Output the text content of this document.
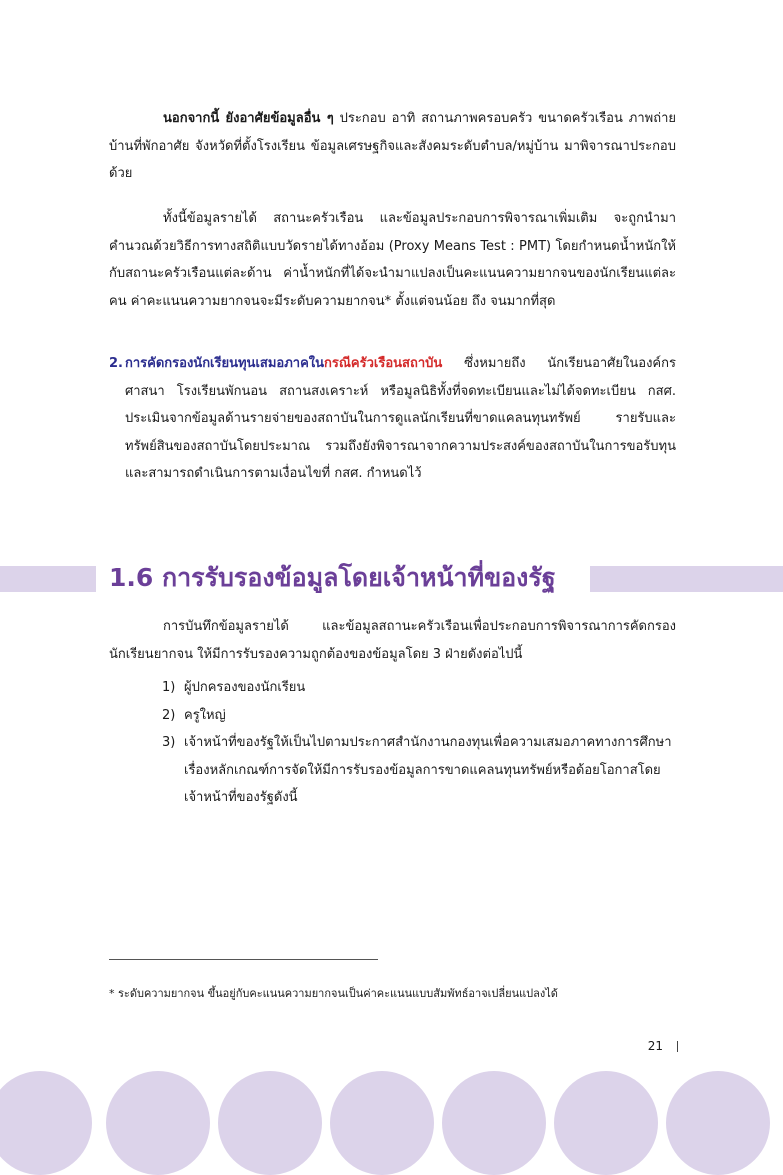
นอกจากนี้ ยังอาศัยข้อมูลอื่น ๆ ประกอบ อาทิ สถานภาพครอบครัว ขนาดครัวเรือน ภาพถ่ายบ้านที่พักอาศัย จังหวัดที่ตั้งโรงเรียน ข้อมูลเศรษฐกิจและสังคมระดับตำบล/หมู่บ้าน มาพิจารณาประกอบด้วย
ทั้งนี้ข้อมูลรายได้ สถานะครัวเรือน และข้อมูลประกอบการพิจารณาเพิ่มเติม จะถูกนำมาคำนวณด้วยวิธีการทางสถิติแบบวัดรายได้ทางอ้อม (Proxy Means Test : PMT) โดยกำหนดน้ำหนักให้กับสถานะครัวเรือนแต่ละด้าน ค่าน้ำหนักที่ได้จะนำมาแปลงเป็นคะแนนความยากจนของนักเรียนแต่ละคน ค่าคะแนนความยากจนจะมีระดับความยากจน* ตั้งแต่จนน้อย ถึง จนมากที่สุด
2. การคัดกรองนักเรียนทุนเสมอภาคในกรณีครัวเรือนสถาบัน ซึ่งหมายถึง นักเรียนอาศัยในองค์กรศาสนา โรงเรียนพักนอน สถานสงเคราะห์ หรือมูลนิธิทั้งที่จดทะเบียนและไม่ได้จดทะเบียน กสศ. ประเมินจากข้อมูลด้านรายจ่ายของสถาบันในการดูแลนักเรียนที่ขาดแคลนทุนทรัพย์ รายรับและทรัพย์สินของสถาบันโดยประมาณ รวมถึงยังพิจารณาจากความประสงค์ของสถาบันในการขอรับทุน และสามารถดำเนินการตามเงื่อนไขที่ กสศ. กำหนดไว้
1.6 การรับรองข้อมูลโดยเจ้าหน้าที่ของรัฐ
การบันทึกข้อมูลรายได้ และข้อมูลสถานะครัวเรือนเพื่อประกอบการพิจารณาการคัดกรองนักเรียนยากจน ให้มีการรับรองความถูกต้องของข้อมูลโดย 3 ฝ่ายดังต่อไปนี้
1) ผู้ปกครองของนักเรียน
2) ครูใหญ่
3) เจ้าหน้าที่ของรัฐให้เป็นไปตามประกาศสำนักงานกองทุนเพื่อความเสมอภาคทางการศึกษา เรื่องหลักเกณฑ์การจัดให้มีการรับรองข้อมูลการขาดแคลนทุนทรัพย์หรือด้อยโอกาสโดยเจ้าหน้าที่ของรัฐดังนี้
* ระดับความยากจน ขึ้นอยู่กับคะแนนความยากจนเป็นค่าคะแนนแบบสัมพัทธ์อาจเปลี่ยนแปลงได้
21
